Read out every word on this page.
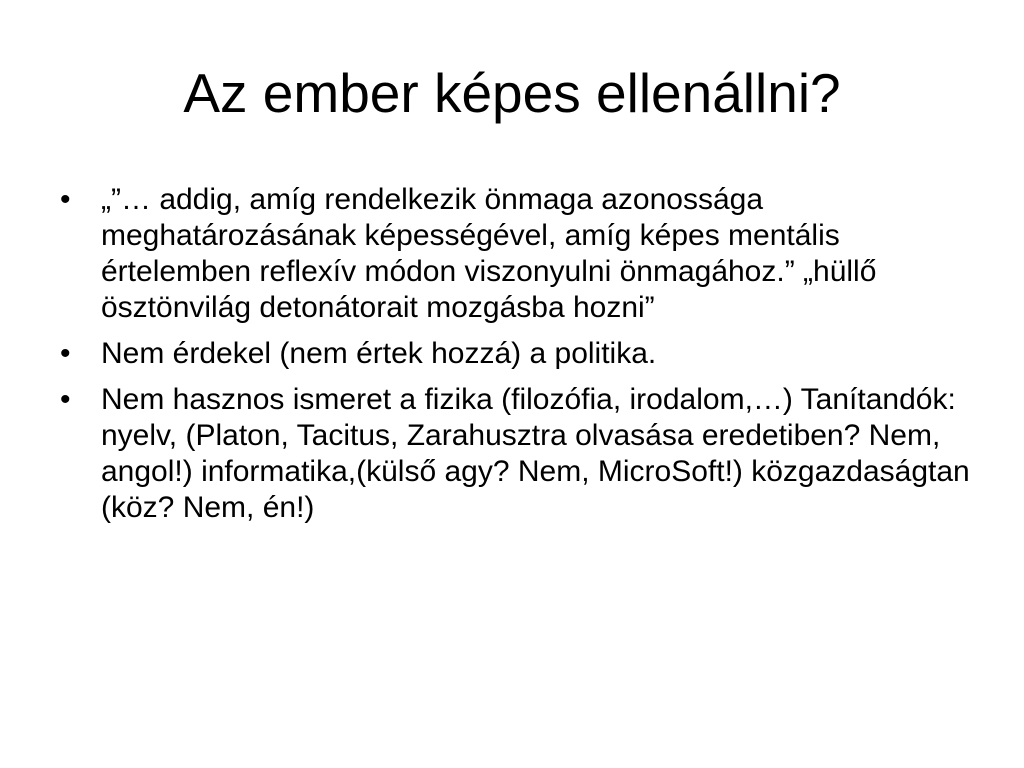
Az ember képes ellenállni?
•	„”… addig, amíg rendelkezik önmaga azonossága meghatározásának képességével, amíg képes mentális értelemben reflexív módon viszonyulni önmagához.” „hüllő ösztönvilág detonátorait mozgásba hozni”
•	Nem érdekel (nem értek hozzá) a politika.
•	Nem hasznos ismeret a fizika (filozófia, irodalom,…) Tanítandók: nyelv, (Platon, Tacitus, Zarahusztra olvasása eredetiben? Nem, angol!) informatika,(külső agy? Nem, MicroSoft!) közgazdaságtan (köz? Nem, én!)
